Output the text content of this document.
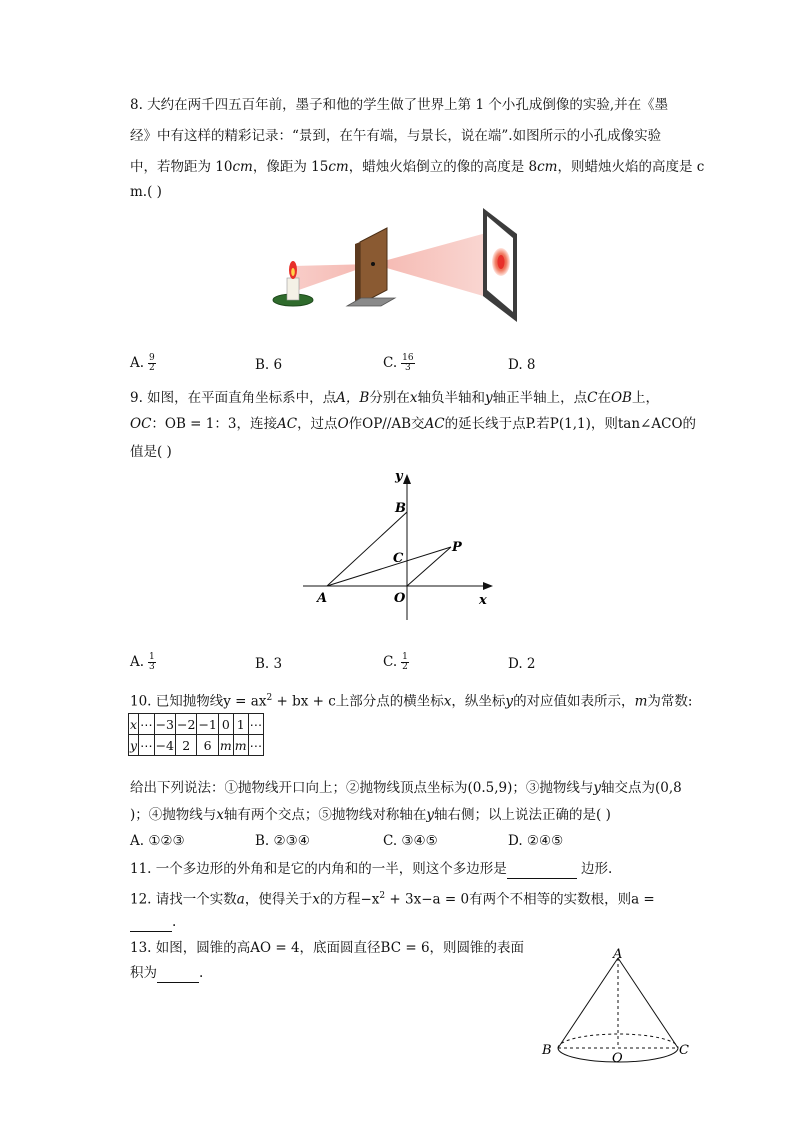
8. 大约在两千四五百年前，墨子和他的学生做了世界上第 1 个小孔成倒像的实验,并在《墨
经》中有这样的精彩记录：“景到，在午有端，与景长，说在端”.如图所示的小孔成像实验
中，若物距为 10cm，像距为 15cm，蜡烛火焰倒立的像的高度是 8cm，则蜡烛火焰的高度是 c
m.( )
A. $\frac{9}{2}$	B. 6	C. $\frac{16}{3}$	D. 8
9. 如图，在平面直角坐标系中，点A，B分别在x轴负半轴和y轴正半轴上，点C在OB上，
OC：OB = 1：3，连接AC，过点O作OP//AB交AC的延长线于点P.若P(1,1)，则tan∠ACO的
值是( )
y
x
B
C
P
A	O
A. $\frac{1}{3}$	B. 3	C. $\frac{1}{2}$	D. 2
10. 已知抛物线$y = ax^2$ + bx + c上部分点的横坐标x，纵坐标y的对应值如表所示，m为常数:
x	⋯	−3	−2	−1	0	1	⋯
y	⋯	−4	2	6	m	m	⋯
给出下列说法：①抛物线开口向上；②抛物线顶点坐标为(0.5,9)；③抛物线与y轴交点为(0,8
)；④抛物线与x轴有两个交点；⑤抛物线对称轴在y轴右侧；以上说法正确的是( )
A. ①②③	B. ②③④	C. ③④⑤	D. ②④⑤
11. 一个多边形的外角和是它的内角和的一半，则这个多边形是	边形.
12. 请找一个实数a，使得关于x的方程$-x^2 + 3x-a = 0$有两个不相等的实数根，则a =
.
13. 如图，圆锥的高AO = 4，底面圆直径BC = 6，则圆锥的表面
积为	.
A
B
O
C
